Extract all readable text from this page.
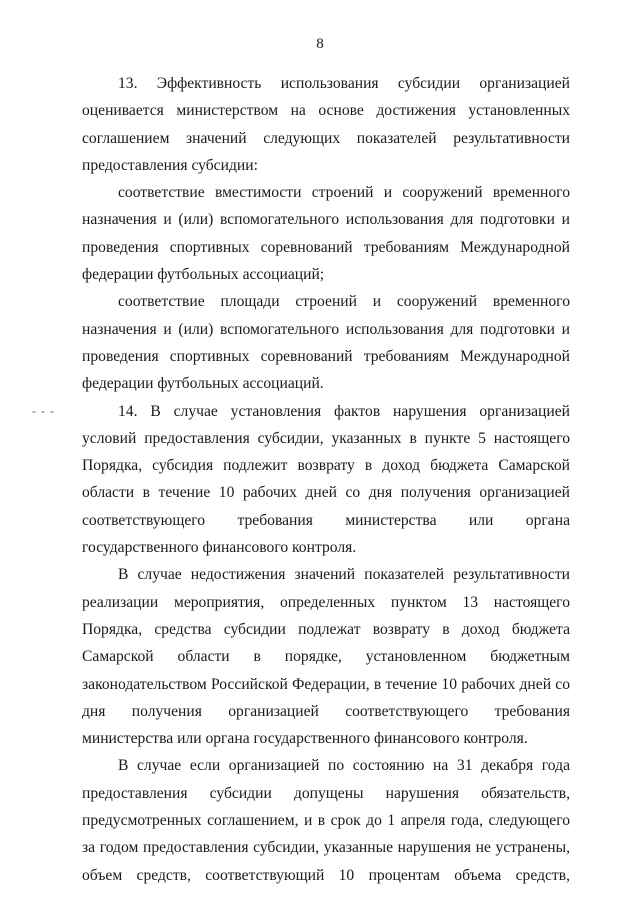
8
- - -

13. Эффективность использования субсидии организацией оценивается министерством на основе достижения установленных соглашением значений следующих показателей результативности предоставления субсидии:

соответствие вместимости строений и сооружений временного назначения и (или) вспомогательного использования для подготовки и проведения спортивных соревнований требованиям Международной федерации футбольных ассоциаций;

соответствие площади строений и сооружений временного назначения и (или) вспомогательного использования для подготовки и проведения спортивных соревнований требованиям Международной федерации футбольных ассоциаций.

14. В случае установления фактов нарушения организацией условий предоставления субсидии, указанных в пункте 5 настоящего Порядка, субсидия подлежит возврату в доход бюджета Самарской области в течение 10 рабочих дней со дня получения организацией соответствующего требования министерства или органа государственного финансового контроля.

В случае недостижения значений показателей результативности реализации мероприятия, определенных пунктом 13 настоящего Порядка, средства субсидии подлежат возврату в доход бюджета Самарской области в порядке, установленном бюджетным законодательством Российской Федерации, в течение 10 рабочих дней со дня получения организацией соответствующего требования министерства или органа государственного финансового контроля.

В случае если организацией по состоянию на 31 декабря года предоставления субсидии допущены нарушения обязательств, предусмотренных соглашением, и в срок до 1 апреля года, следующего за годом предоставления субсидии, указанные нарушения не устранены, объем средств, соответствующий 10 процентам объема средств,
